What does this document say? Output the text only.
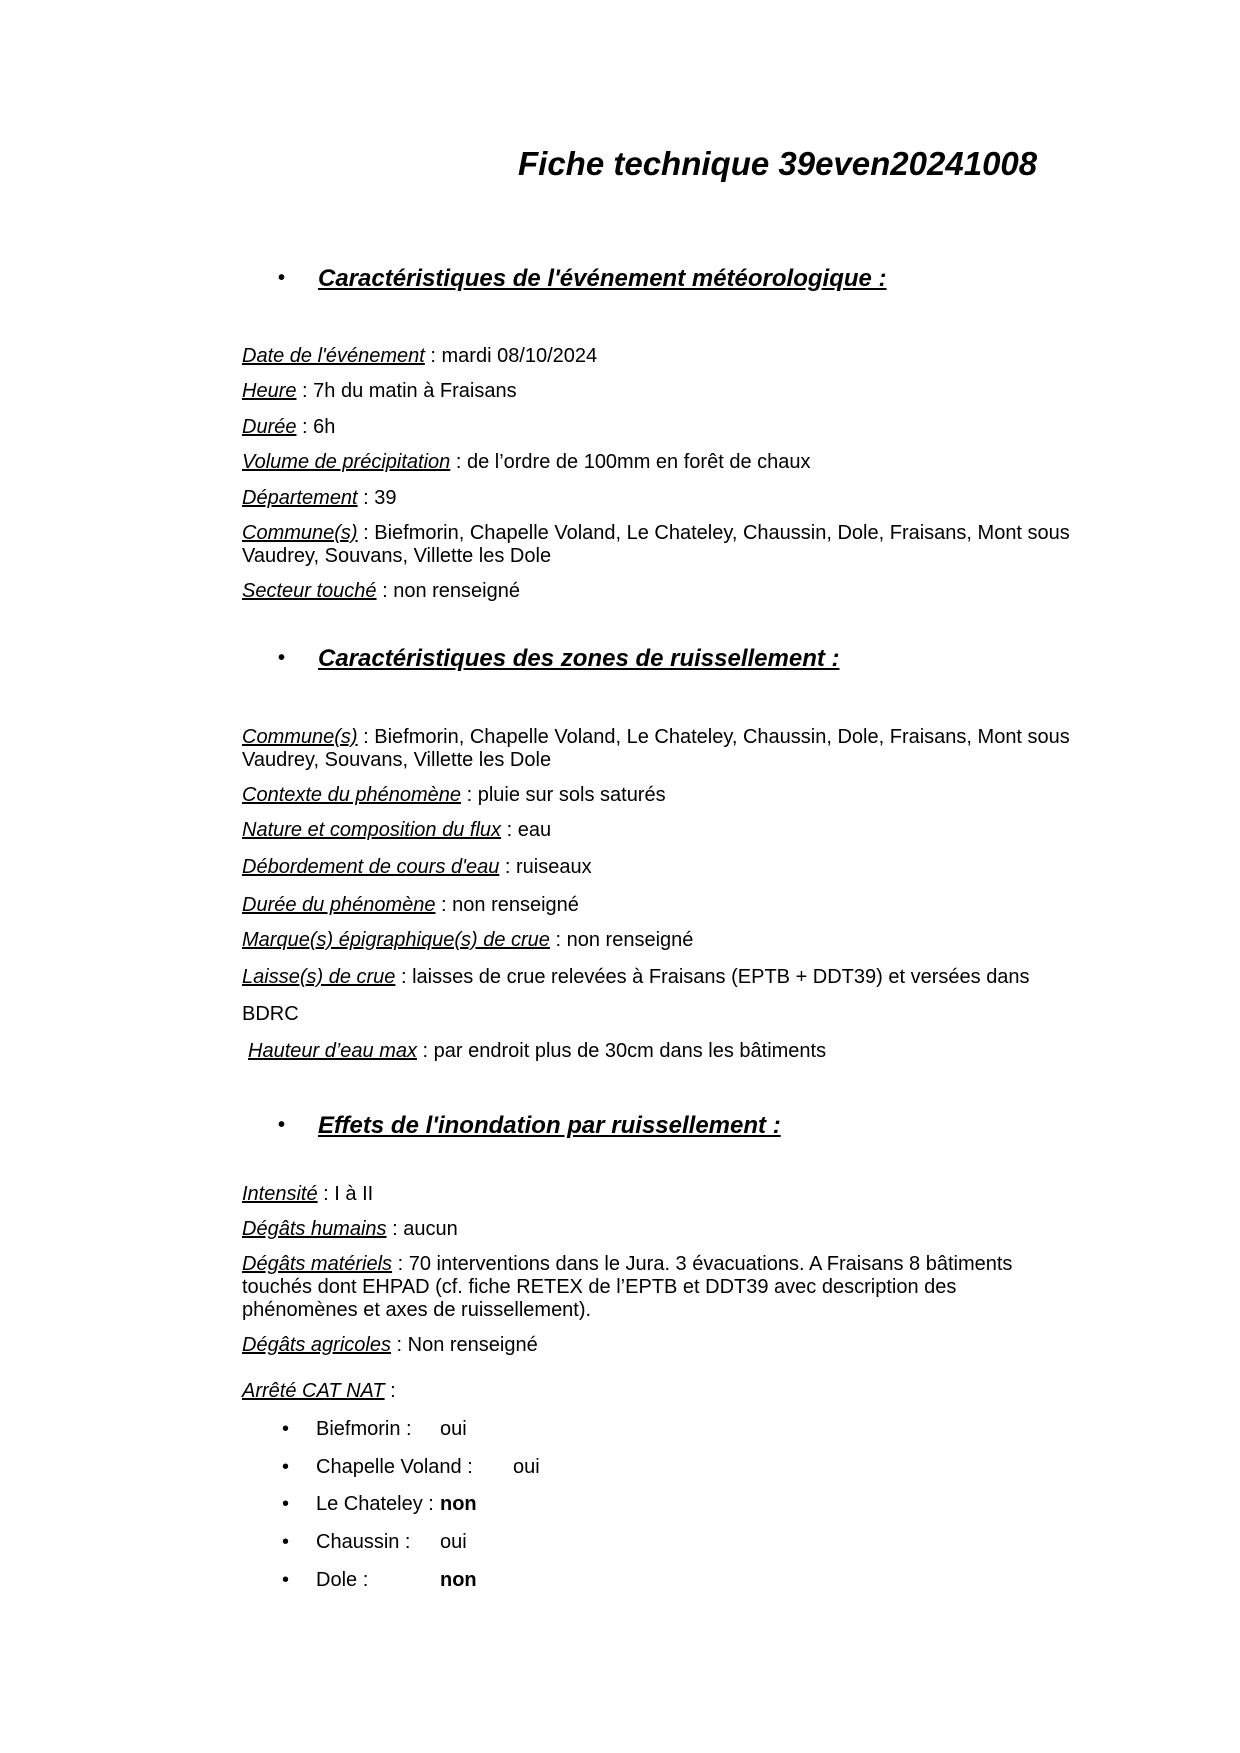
Fiche technique 39even20241008
• Caractéristiques de l'événement météorologique :
Date de l'événement : mardi 08/10/2024
Heure : 7h du matin à Fraisans
Durée : 6h
Volume de précipitation : de l’ordre de 100mm en forêt de chaux
Département : 39
Commune(s) : Biefmorin, Chapelle Voland, Le Chateley, Chaussin, Dole, Fraisans, Mont sous Vaudrey, Souvans, Villette les Dole
Secteur touché : non renseigné
• Caractéristiques des zones de ruissellement :
Commune(s) : Biefmorin, Chapelle Voland, Le Chateley, Chaussin, Dole, Fraisans, Mont sous Vaudrey, Souvans, Villette les Dole
Contexte du phénomène : pluie sur sols saturés
Nature et composition du flux : eau
Débordement de cours d'eau : ruiseaux
Durée du phénomène : non renseigné
Marque(s) épigraphique(s) de crue : non renseigné
Laisse(s) de crue : laisses de crue relevées à Fraisans (EPTB + DDT39) et versées dans
BDRC
Hauteur d’eau max : par endroit plus de 30cm dans les bâtiments
• Effets de l'inondation par ruissellement :
Intensité : I à II
Dégâts humains : aucun
Dégâts matériels : 70 interventions dans le Jura. 3 évacuations. A Fraisans 8 bâtiments touchés dont EHPAD (cf. fiche RETEX de l’EPTB et DDT39 avec description des phénomènes et axes de ruissellement).
Dégâts agricoles : Non renseigné
Arrêté CAT NAT :
• Biefmorin : oui
• Chapelle Voland : oui
• Le Chateley : non
• Chaussin : oui
• Dole :	non
